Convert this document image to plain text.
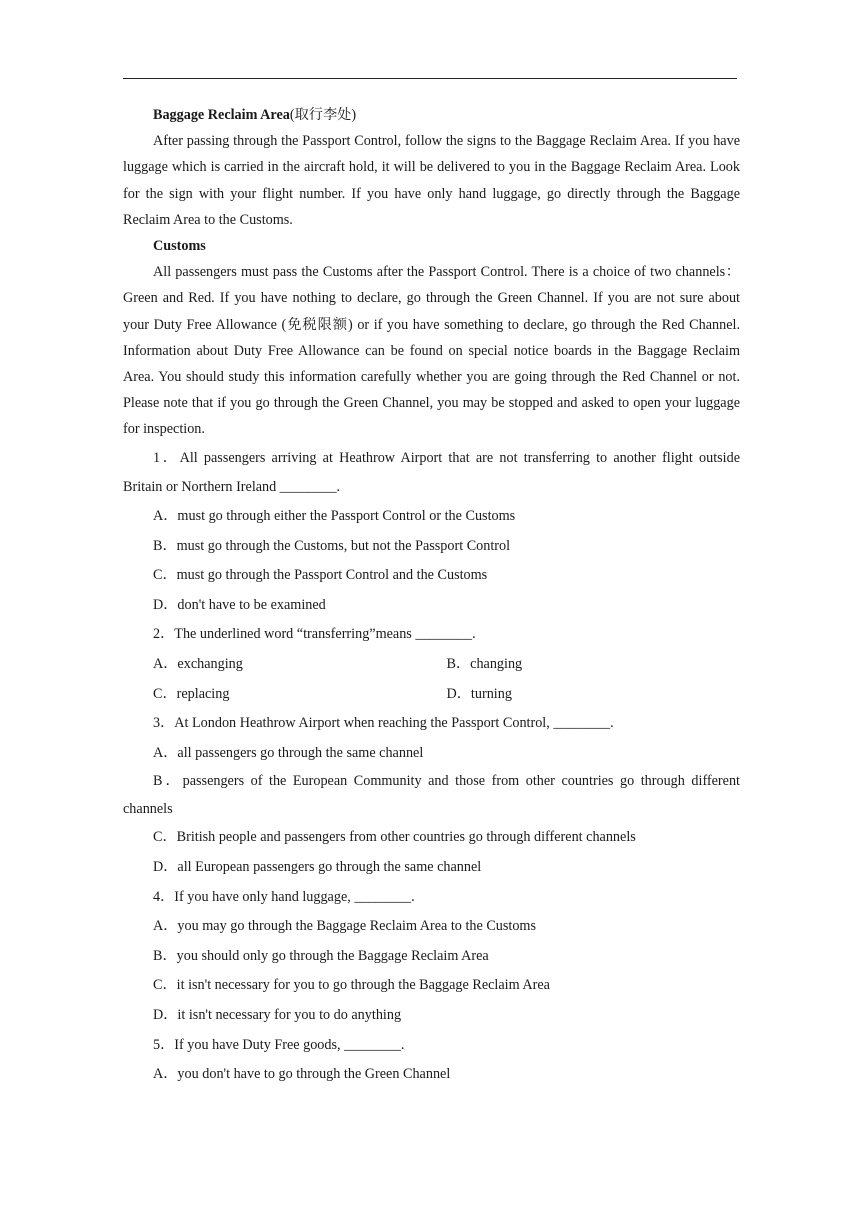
Baggage Reclaim Area(取行李处)

After passing through the Passport Control, follow the signs to the Baggage Reclaim Area. If you have luggage which is carried in the aircraft hold, it will be delivered to you in the Baggage Reclaim Area. Look for the sign with your flight number. If you have only hand luggage, go directly through the Baggage Reclaim Area to the Customs.

Customs

All passengers must pass the Customs after the Passport Control. There is a choice of two channels：Green and Red. If you have nothing to declare, go through the Green Channel. If you are not sure about your Duty Free Allowance (免税限额) or if you have something to declare, go through the Red Channel. Information about Duty Free Allowance can be found on special notice boards in the Baggage Reclaim Area. You should study this information carefully whether you are going through the Red Channel or not. Please note that if you go through the Green Channel, you may be stopped and asked to open your luggage for inspection.

1．All passengers arriving at Heathrow Airport that are not transferring to another flight outside Britain or Northern Ireland ________.

A．must go through either the Passport Control or the Customs

B．must go through the Customs, but not the Passport Control

C．must go through the Passport Control and the Customs

D．don't have to be examined

2．The underlined word “transferring”means ________.

A．exchanging	B．changing
C．replacing	D．turning

3．At London Heathrow Airport when reaching the Passport Control, ________.

A．all passengers go through the same channel

B．passengers of the European Community and those from other countries go through different channels

C．British people and passengers from other countries go through different channels

D．all European passengers go through the same channel

4．If you have only hand luggage, ________.

A．you may go through the Baggage Reclaim Area to the Customs

B．you should only go through the Baggage Reclaim Area

C．it isn't necessary for you to go through the Baggage Reclaim Area

D．it isn't necessary for you to do anything

5．If you have Duty Free goods, ________.

A．you don't have to go through the Green Channel
